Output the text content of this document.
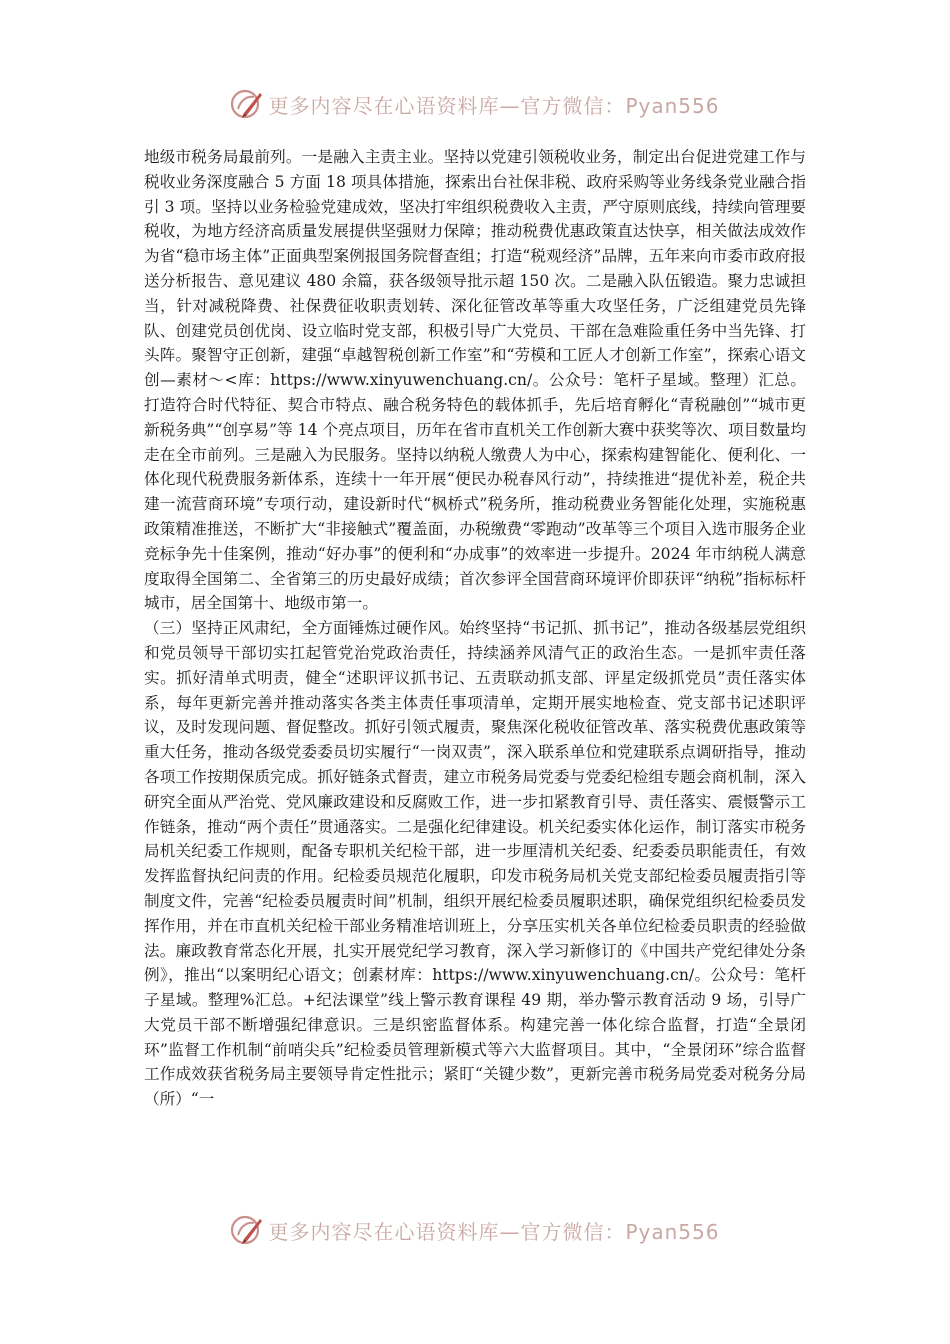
更多内容尽在心语资料库—官方微信：Pyan556

地级市税务局最前列。一是融入主责主业。坚持以党建引领税收业务，制定出台促进党建工作与税收业务深度融合 5 方面 18 项具体措施，探索出台社保非税、政府采购等业务线条党业融合指引 3 项。坚持以业务检验党建成效，坚决打牢组织税费收入主责，严守原则底线，持续向管理要税收，为地方经济高质量发展提供坚强财力保障；推动税费优惠政策直达快享，相关做法成效作为省“稳市场主体”正面典型案例报国务院督查组；打造“税观经济”品牌，五年来向市委市政府报送分析报告、意见建议 480 余篇，获各级领导批示超 150 次。二是融入队伍锻造。聚力忠诚担当，针对减税降费、社保费征收职责划转、深化征管改革等重大攻坚任务，广泛组建党员先锋队、创建党员创优岗、设立临时党支部，积极引导广大党员、干部在急难险重任务中当先锋、打头阵。聚智守正创新，建强“卓越智税创新工作室”和“劳模和工匠人才创新工作室”，探索心语文创—素材～<库：https://www.xinyuwenchuang.cn/。公众号：笔杆子星域。整理）汇总。打造符合时代特征、契合市特点、融合税务特色的载体抓手，先后培育孵化“青税融创”“城市更新税务典”“创享易”等 14 个亮点项目，历年在省市直机关工作创新大赛中获奖等次、项目数量均走在全市前列。三是融入为民服务。坚持以纳税人缴费人为中心，探索构建智能化、便利化、一体化现代税费服务新体系，连续十一年开展“便民办税春风行动”，持续推进“提优补差，税企共建一流营商环境”专项行动，建设新时代“枫桥式”税务所，推动税费业务智能化处理，实施税惠政策精准推送，不断扩大“非接触式”覆盖面，办税缴费“零跑动”改革等三个项目入选市服务企业竞标争先十佳案例，推动“好办事”的便利和“办成事”的效率进一步提升。2024 年市纳税人满意度取得全国第二、全省第三的历史最好成绩；首次参评全国营商环境评价即获评“纳税”指标标杆城市，居全国第十、地级市第一。

（三）坚持正风肃纪，全方面锤炼过硬作风。始终坚持“书记抓、抓书记”，推动各级基层党组织和党员领导干部切实扛起管党治党政治责任，持续涵养风清气正的政治生态。一是抓牢责任落实。抓好清单式明责，健全“述职评议抓书记、五责联动抓支部、评星定级抓党员”责任落实体系，每年更新完善并推动落实各类主体责任事项清单，定期开展实地检查、党支部书记述职评议，及时发现问题、督促整改。抓好引领式履责，聚焦深化税收征管改革、落实税费优惠政策等重大任务，推动各级党委委员切实履行“一岗双责”，深入联系单位和党建联系点调研指导，推动各项工作按期保质完成。抓好链条式督责，建立市税务局党委与党委纪检组专题会商机制，深入研究全面从严治党、党风廉政建设和反腐败工作，进一步扣紧教育引导、责任落实、震慑警示工作链条，推动“两个责任”贯通落实。二是强化纪律建设。机关纪委实体化运作，制订落实市税务局机关纪委工作规则，配备专职机关纪检干部，进一步厘清机关纪委、纪委委员职能责任，有效发挥监督执纪问责的作用。纪检委员规范化履职，印发市税务局机关党支部纪检委员履责指引等制度文件，完善“纪检委员履责时间”机制，组织开展纪检委员履职述职，确保党组织纪检委员发挥作用，并在市直机关纪检干部业务精准培训班上，分享压实机关各单位纪检委员职责的经验做法。廉政教育常态化开展，扎实开展党纪学习教育，深入学习新修订的《中国共产党纪律处分条例》，推出“以案明纪心语文；创素材库：https://www.xinyuwenchuang.cn/。公众号：笔杆子星域。整理%汇总。+纪法课堂”线上警示教育课程 49 期，举办警示教育活动 9 场，引导广大党员干部不断增强纪律意识。三是织密监督体系。构建完善一体化综合监督，打造“全景闭环”监督工作机制“前哨尖兵”纪检委员管理新模式等六大监督项目。其中，“全景闭环”综合监督工作成效获省税务局主要领导肯定性批示；紧盯“关键少数”，更新完善市税务局党委对税务分局（所）“一

更多内容尽在心语资料库—官方微信：Pyan556
